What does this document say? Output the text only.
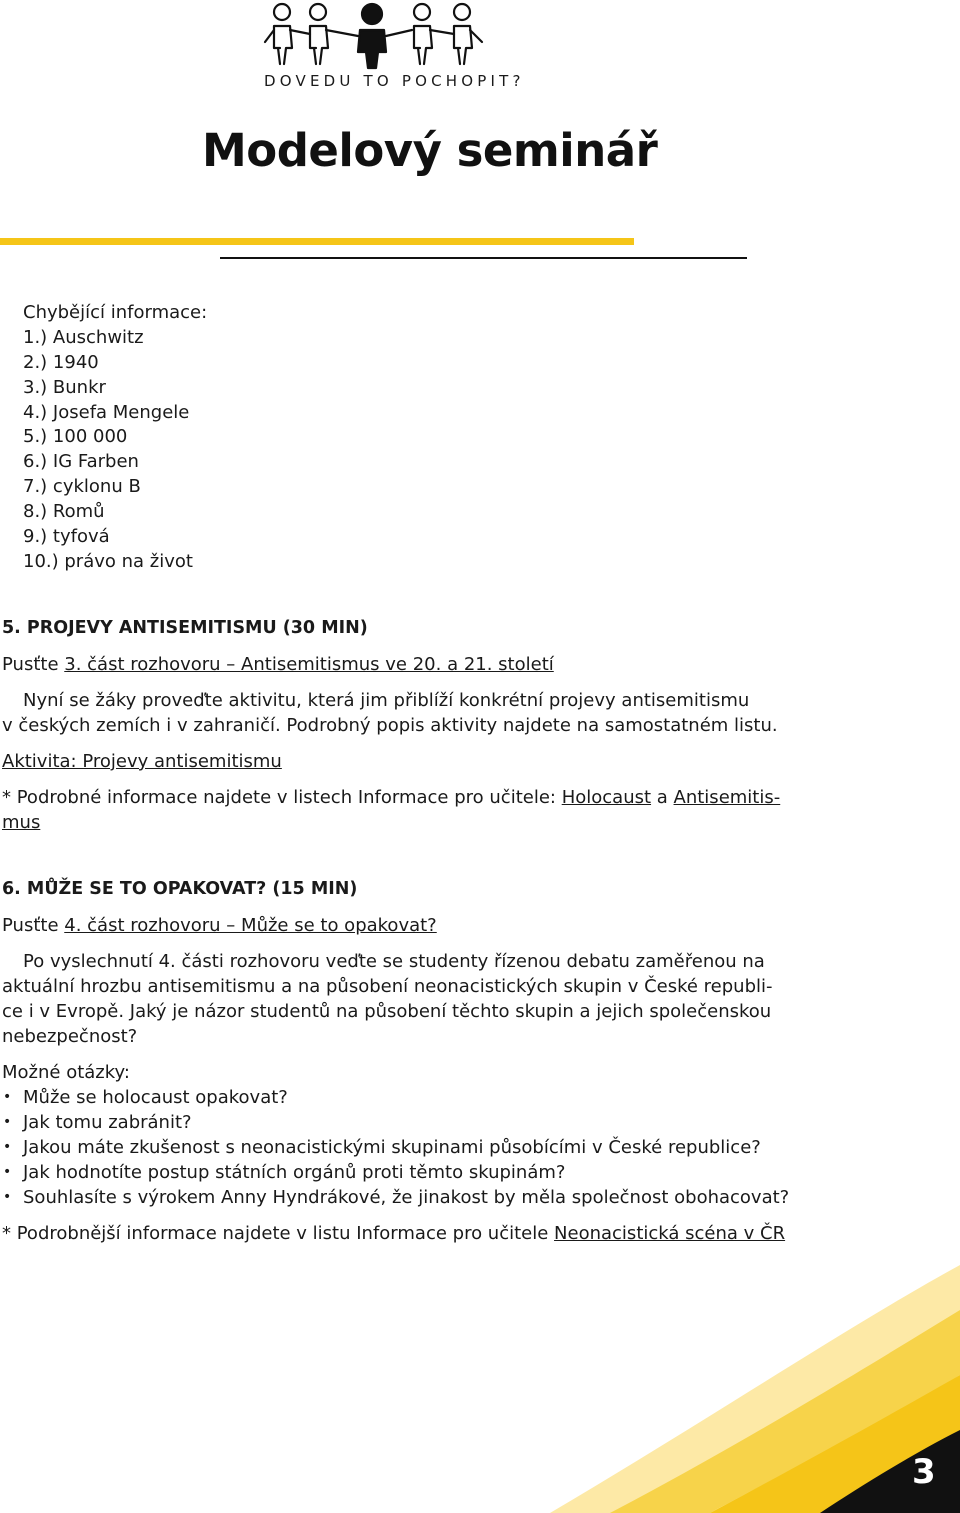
DOVEDU TO POCHOPIT?
Modelový seminář
Chybějící informace:
1.) Auschwitz
2.) 1940
3.) Bunkr
4.) Josefa Mengele
5.) 100 000
6.) IG Farben
7.) cyklonu B
8.) Romů
9.) tyfová
10.) právo na život
5. PROJEVY ANTISEMITISMU (30 MIN)
Pusťte 3. část rozhovoru – Antisemitismus ve 20. a 21. století
Nyní se žáky proveďte aktivitu, která jim přiblíží konkrétní projevy antisemitismu
v českých zemích i v zahraničí. Podrobný popis aktivity najdete na samostatném listu.
Aktivita: Projevy antisemitismu
* Podrobné informace najdete v listech Informace pro učitele: Holocaust a Antisemitis-
mus
6. MŮŽE SE TO OPAKOVAT? (15 MIN)
Pusťte 4. část rozhovoru – Může se to opakovat?
Po vyslechnutí 4. části rozhovoru veďte se studenty řízenou debatu zaměřenou na
aktuální hrozbu antisemitismu a na působení neonacistických skupin v České republi-
ce i v Evropě. Jaký je názor studentů na působení těchto skupin a jejich společenskou
nebezpečnost?
Možné otázky:
• Může se holocaust opakovat?
• Jak tomu zabránit?
• Jakou máte zkušenost s neonacistickými skupinami působícími v České republice?
• Jak hodnotíte postup státních orgánů proti těmto skupinám?
• Souhlasíte s výrokem Anny Hyndrákové, že jinakost by měla společnost obohacovat?
* Podrobnější informace najdete v listu Informace pro učitele Neonacistická scéna v ČR
3
